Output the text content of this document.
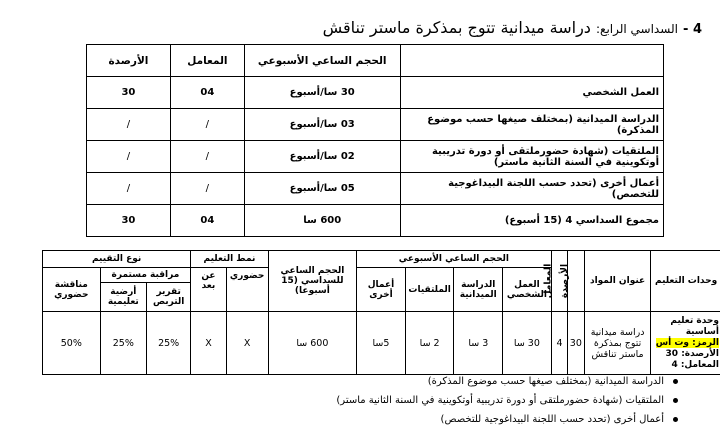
4 - السداسي الرابع: دراسة ميدانية تتوج بمذكرة ماستر تناقش
	الحجم الساعي الأسبوعي	المعامل	الأرصدة
العمل الشخصي	30 سا/أسبوع	04	30
الدراسة الميدانية (بمختلف صيغها حسب موضوع المذكرة)	03 سا/أسبوع	/	/
الملتقيات (شهادة حضورملتقى أو دورة تدريبية أوتكوينية في السنة الثانية ماستر)	02 سا/أسبوع	/	/
أعمال أخرى (تحدد حسب اللجنة البيداغوجية للتخصص)	05 سا/أسبوع	/	/
مجموع السداسي 4 (15 أسبوع)	600 سا	04	30
وحدات التعليم	عنوان المواد	الأرصدة	المعامل	الحجم الساعي الأسبوعي				الحجم الساعي للسداسي (15 أسبوعا)	نمط التعليم		نوع التقييم		
				العمل الشخصي	الدراسة الميدانية	الملتقيات	أعمال أخرى		حضوري	عن بعد	مراقبة مستمرة		مناقشة حضوري
											تقرير التربص	أرضية تعليمية	

وحدة تعليم أساسية
الرمز: وت أس
الأرصدة: 30
المعامل: 4	دراسة ميدانية تتوج بمذكرة ماستر تناقش	30	4	30 سا	3 سا	2 سا	5سا	600 سا	X	X	25%	25%	50%
الدراسة الميدانية (بمختلف صيغها حسب موضوع المذكرة)
الملتقيات (شهادة حضورملتقى أو دورة تدريبية أوتكوينية في السنة الثانية ماستر)
أعمال أخرى (تحدد حسب اللجنة البيداغوجية للتخصص)
